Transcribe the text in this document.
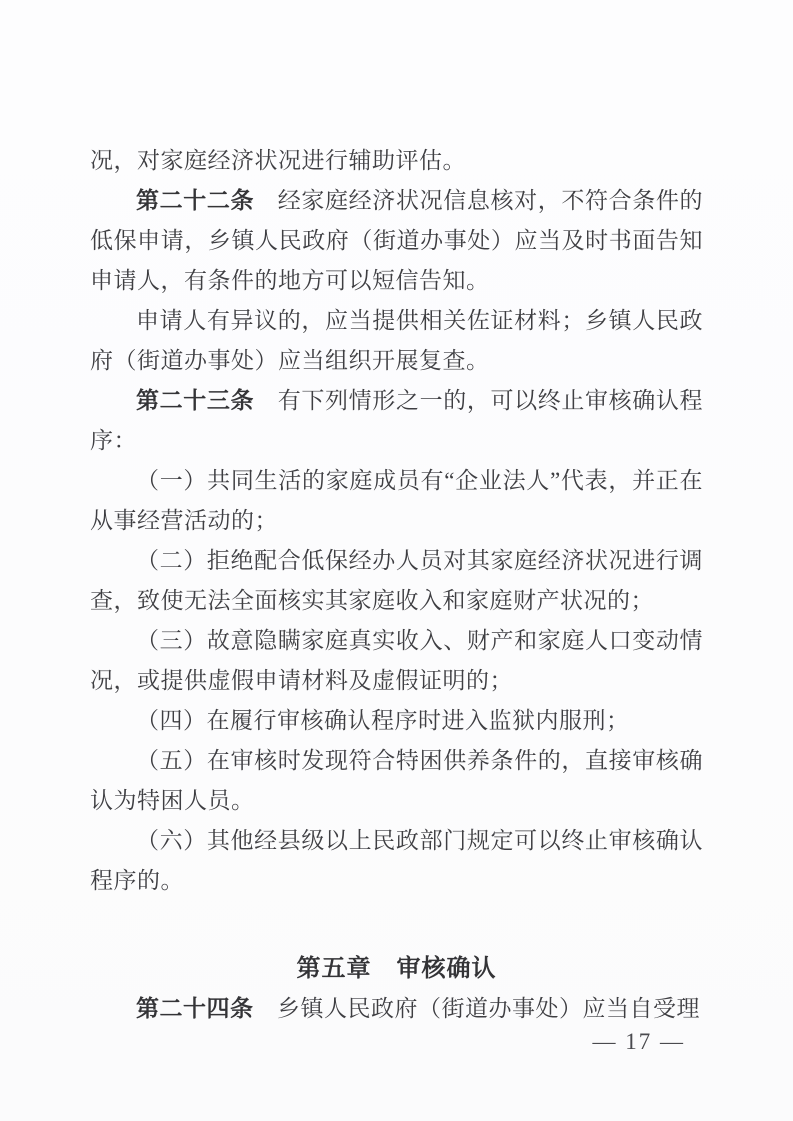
况，对家庭经济状况进行辅助评估。

第二十二条　经家庭经济状况信息核对，不符合条件的低保申请，乡镇人民政府（街道办事处）应当及时书面告知申请人，有条件的地方可以短信告知。

申请人有异议的，应当提供相关佐证材料；乡镇人民政府（街道办事处）应当组织开展复查。

第二十三条　有下列情形之一的，可以终止审核确认程序：

（一）共同生活的家庭成员有“企业法人”代表，并正在从事经营活动的；

（二）拒绝配合低保经办人员对其家庭经济状况进行调查，致使无法全面核实其家庭收入和家庭财产状况的；

（三）故意隐瞒家庭真实收入、财产和家庭人口变动情况，或提供虚假申请材料及虚假证明的；

（四）在履行审核确认程序时进入监狱内服刑；

（五）在审核时发现符合特困供养条件的，直接审核确认为特困人员。

（六）其他经县级以上民政部门规定可以终止审核确认程序的。

第五章　审核确认

第二十四条　乡镇人民政府（街道办事处）应当自受理

— 17 —
